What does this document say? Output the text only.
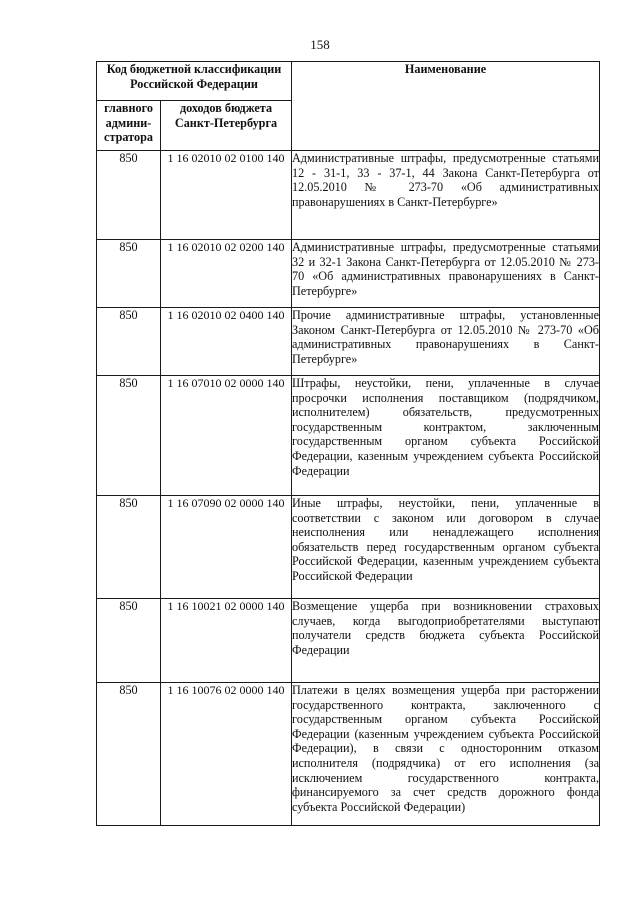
158
Код бюджетной классификации Российской Федерации		Наименование
главного админи-стратора	доходов бюджета Санкт-Петербурга	
850	1 16 02010 02 0100 140	Административные штрафы, предусмотренные статьями 12 - 31-1, 33 - 37-1, 44 Закона Санкт-Петербурга от 12.05.2010 № 273-70 «Об административных правонарушениях в Санкт-Петербурге»
850	1 16 02010 02 0200 140	Административные штрафы, предусмотренные статьями 32 и 32-1 Закона Санкт-Петербурга от 12.05.2010 № 273-70 «Об административных правонарушениях в Санкт-Петербурге»
850	1 16 02010 02 0400 140	Прочие административные штрафы, установленные Законом Санкт-Петербурга от 12.05.2010 № 273-70 «Об административных правонарушениях в Санкт-Петербурге»
850	1 16 07010 02 0000 140	Штрафы, неустойки, пени, уплаченные в случае просрочки исполнения поставщиком (подрядчиком, исполнителем) обязательств, предусмотренных государственным контрактом, заключенным государственным органом субъекта Российской Федерации, казенным учреждением субъекта Российской Федерации
850	1 16 07090 02 0000 140	Иные штрафы, неустойки, пени, уплаченные в соответствии с законом или договором в случае неисполнения или ненадлежащего исполнения обязательств перед государственным органом субъекта Российской Федерации, казенным учреждением субъекта Российской Федерации
850	1 16 10021 02 0000 140	Возмещение ущерба при возникновении страховых случаев, когда выгодоприобретателями выступают получатели средств бюджета субъекта Российской Федерации
850	1 16 10076 02 0000 140	Платежи в целях возмещения ущерба при расторжении государственного контракта, заключенного с государственным органом субъекта Российской Федерации (казенным учреждением субъекта Российской Федерации), в связи с односторонним отказом исполнителя (подрядчика) от его исполнения (за исключением государственного контракта, финансируемого за счет средств дорожного фонда субъекта Российской Федерации)
